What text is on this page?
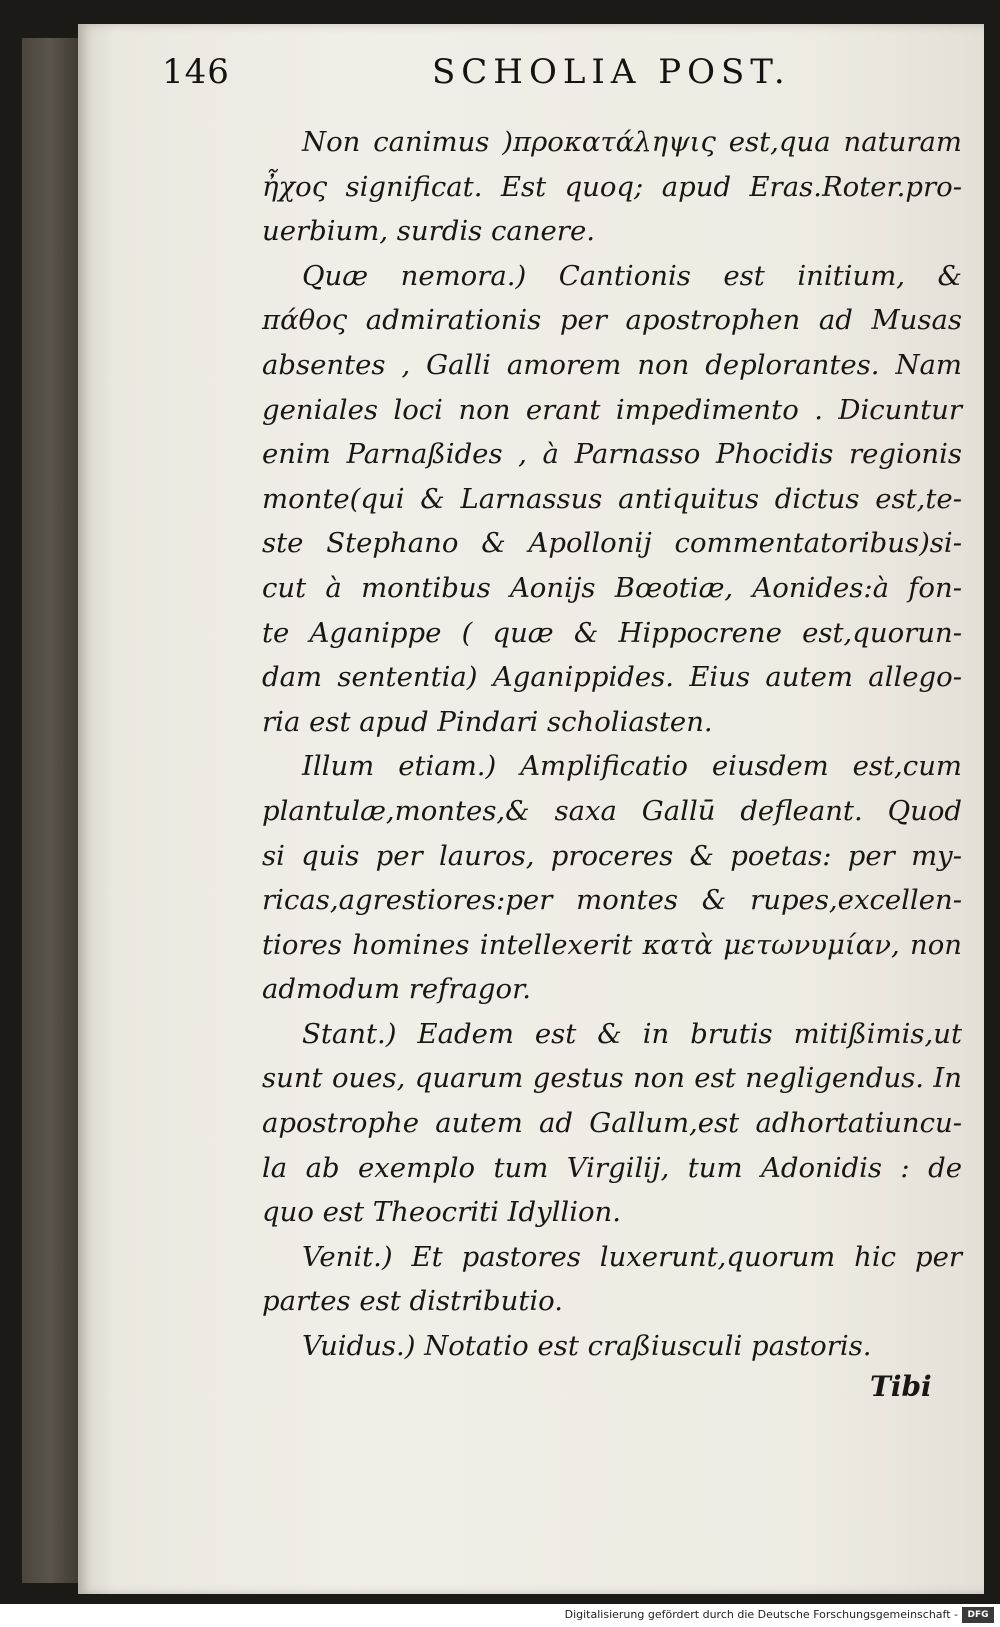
146	SCHOLIA POST.
Non canimus )προκατάληψις est,qua naturam
ἦχος significat. Est quoq; apud Eras.Roter.pro-
uerbium, surdis canere.
Quæ nemora.) Cantionis est initium, &
πάθος admirationis per apostrophen ad Musas
absentes , Galli amorem non deplorantes. Nam
geniales loci non erant impedimento . Dicuntur
enim Parnaßides , à Parnasso Phocidis regionis
monte(qui & Larnassus antiquitus dictus est,te-
ste Stephano & Apollonij commentatoribus)si-
cut à montibus Aonijs Bœotiæ, Aonides:à fon-
te Aganippe ( quæ & Hippocrene est,quorun-
dam sententia) Aganippides. Eius autem allego-
ria est apud Pindari scholiasten.
Illum etiam.) Amplificatio eiusdem est,cum
plantulæ,montes,& saxa Gallū defleant. Quod
si quis per lauros, proceres & poetas: per my-
ricas,agrestiores:per montes & rupes,excellen-
tiores homines intellexerit κατὰ μετωνυμίαν, non
admodum refragor.
Stant.) Eadem est & in brutis mitißimis,ut
sunt oues, quarum gestus non est negligendus. In
apostrophe autem ad Gallum,est adhortatiuncu-
la ab exemplo tum Virgilij, tum Adonidis : de
quo est Theocriti Idyllion.
Venit.) Et pastores luxerunt,quorum hic per
partes est distributio.
Vuidus.) Notatio est craßiusculi pastoris.
Tibi
Digitalisierung gefördert durch die Deutsche Forschungsgemeinschaft -	DFG
